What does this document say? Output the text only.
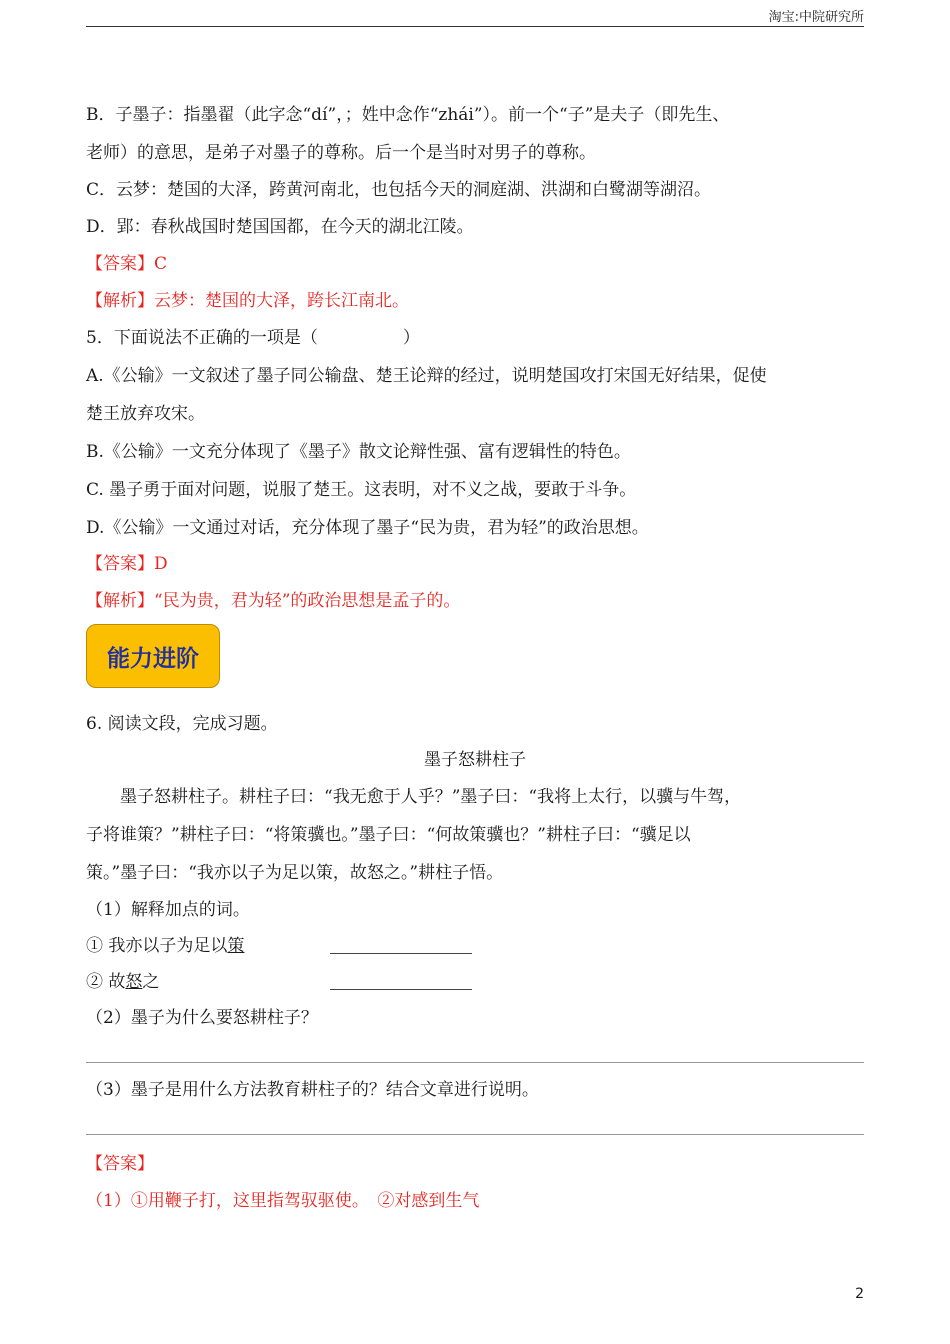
淘宝:中院研究所
B．子墨子：指墨翟（此字念“dí”，；姓中念作“zhái”）。前一个“子”是夫子（即先生、
老师）的意思，是弟子对墨子的尊称。后一个是当时对男子的尊称。
C．云梦：楚国的大泽，跨黄河南北，也包括今天的洞庭湖、洪湖和白鹭湖等湖沼。
D．郢：春秋战国时楚国国都，在今天的湖北江陵。
【答案】C
【解析】云梦：楚国的大泽，跨长江南北。
5．下面说法不正确的一项是（　　　　　）
A.《公输》一文叙述了墨子同公输盘、楚王论辩的经过，说明楚国攻打宋国无好结果，促使
楚王放弃攻宋。
B.《公输》一文充分体现了《墨子》散文论辩性强、富有逻辑性的特色。
C. 墨子勇于面对问题，说服了楚王。这表明，对不义之战，要敢于斗争。
D.《公输》一文通过对话，充分体现了墨子“民为贵，君为轻”的政治思想。
【答案】D
【解析】“民为贵，君为轻”的政治思想是孟子的。
能力进阶
6. 阅读文段，完成习题。
墨子怒耕柱子
墨子怒耕柱子。耕柱子曰：“我无愈于人乎？”墨子曰：“我将上太行，以骥与牛驾，
子将谁策？”耕柱子曰：“将策骥也。”墨子曰：“何故策骥也？”耕柱子曰：“骥足以
策。”墨子曰：“我亦以子为足以策，故怒之。”耕柱子悟。
（1）解释加点的词。
① 我亦以子为足以策
② 故怒之
（2）墨子为什么要怒耕柱子？
（3）墨子是用什么方法教育耕柱子的？结合文章进行说明。
【答案】
（1）①用鞭子打，这里指驾驭驱使。　②对感到生气
2
